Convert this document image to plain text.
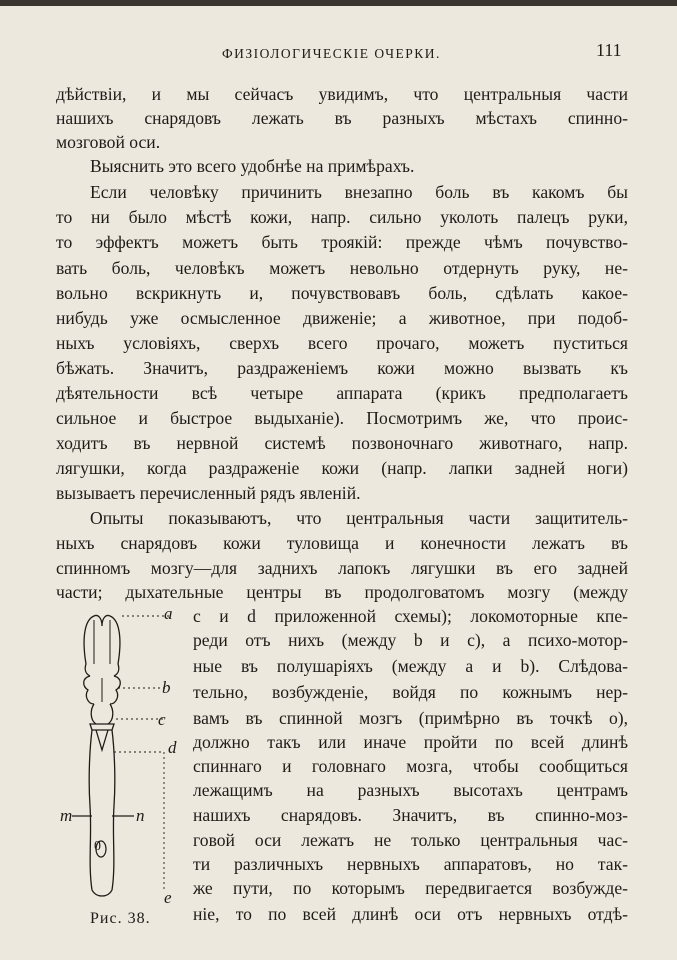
ФИЗIОЛОГИЧЕСКIЕ ОЧЕРКИ.	111
дѣйствiи, и мы сейчасъ увидимъ, что центральныя части
нашихъ снарядовъ лежать въ разныхъ мѣстахъ спинно-
мозговой оси.
Выяснить это всего удобнѣе на примѣрахъ.
Если человѣку причинить внезапно боль въ какомъ бы
то ни было мѣстѣ кожи, напр. сильно уколоть палецъ руки,
то эффектъ можетъ быть троякiй: прежде чѣмъ почувство-
вать боль, человѣкъ можетъ невольно отдернуть руку, не-
вольно вскрикнуть и, почувствовавъ боль, сдѣлать какое-
нибудь уже осмысленное движенiе; а животное, при подоб-
ныхъ условiяхъ, сверхъ всего прочаго, можетъ пуститься
бѣжать. Значитъ, раздраженiемъ кожи можно вызвать къ
дѣятельности всѣ четыре аппарата (крикъ предполагаетъ
сильное и быстрое выдыханiе). Посмотримъ же, что проис-
ходитъ въ нервной системѣ позвоночнаго животнаго, напр.
лягушки, когда раздраженiе кожи (напр. лапки задней ноги)
вызываетъ перечисленный рядъ явленiй.
Опыты показываютъ, что центральныя части защититель-
ныхъ снарядовъ кожи туловища и конечности лежатъ въ
спинномъ мозгу—для заднихъ лапокъ лягушки въ его задней
части; дыхательные центры въ продолговатомъ мозгу (между
c и d приложенной схемы); локомоторные кпе-
реди отъ нихъ (между b и c), а психо-мотор-
ные въ полушарiяхъ (между a и b). Слѣдова-
тельно, возбужденiе, войдя по кожнымъ нер-
вамъ въ спинной мозгъ (примѣрно въ точкѣ o),
должно такъ или иначе пройти по всей длинѣ
спиннаго и головнаго мозга, чтобы сообщиться
лежащимъ на разныхъ высотахъ центрамъ
нашихъ снарядовъ. Значитъ, въ спинно-моз-
говой оси лежатъ не только центральныя час-
ти различныхъ нервныхъ аппаратовъ, но так-
же пути, по которымъ передвигается возбужде-
нiе, то по всей длинѣ оси отъ нервныхъ отдѣ-
a
b
c
d
e
m	n
0
Рис. 38.
